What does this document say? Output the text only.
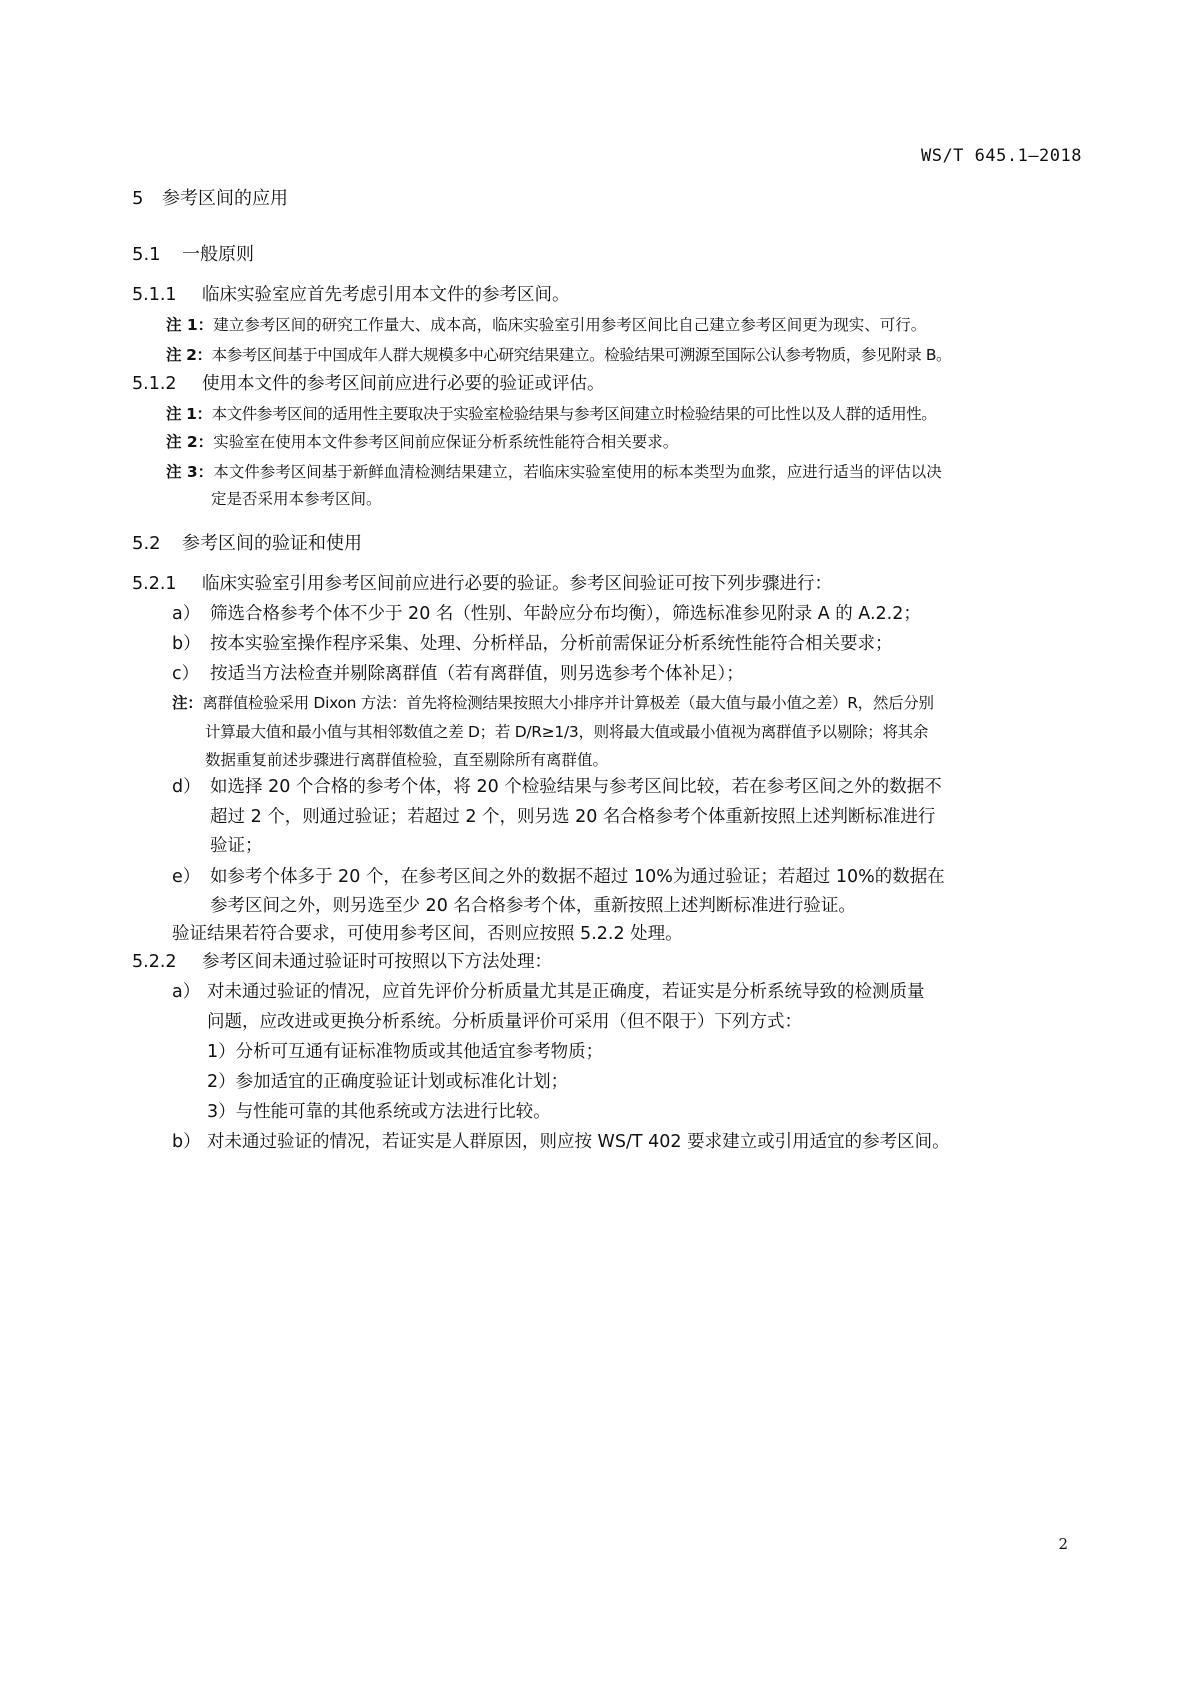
WS/T 645.1—2018
5 参考区间的应用
5.1 一般原则
5.1.1 临床实验室应首先考虑引用本文件的参考区间。
注 1：建立参考区间的研究工作量大、成本高，临床实验室引用参考区间比自己建立参考区间更为现实、可行。
注 2：本参考区间基于中国成年人群大规模多中心研究结果建立。检验结果可溯源至国际公认参考物质，参见附录 B。
5.1.2 使用本文件的参考区间前应进行必要的验证或评估。
注 1：本文件参考区间的适用性主要取决于实验室检验结果与参考区间建立时检验结果的可比性以及人群的适用性。
注 2：实验室在使用本文件参考区间前应保证分析系统性能符合相关要求。
注 3：本文件参考区间基于新鲜血清检测结果建立，若临床实验室使用的标本类型为血浆，应进行适当的评估以决
定是否采用本参考区间。
5.2 参考区间的验证和使用
5.2.1 临床实验室引用参考区间前应进行必要的验证。参考区间验证可按下列步骤进行：
a） 筛选合格参考个体不少于 20 名（性别、年龄应分布均衡），筛选标准参见附录 A 的 A.2.2；
b） 按本实验室操作程序采集、处理、分析样品，分析前需保证分析系统性能符合相关要求；
c） 按适当方法检查并剔除离群值（若有离群值，则另选参考个体补足）；
注：离群值检验采用 Dixon 方法：首先将检测结果按照大小排序并计算极差（最大值与最小值之差）R，然后分别
计算最大值和最小值与其相邻数值之差 D；若 D/R≥1/3，则将最大值或最小值视为离群值予以剔除；将其余
数据重复前述步骤进行离群值检验，直至剔除所有离群值。
d） 如选择 20 个合格的参考个体，将 20 个检验结果与参考区间比较，若在参考区间之外的数据不
超过 2 个，则通过验证；若超过 2 个，则另选 20 名合格参考个体重新按照上述判断标准进行
验证；
e） 如参考个体多于 20 个，在参考区间之外的数据不超过 10%为通过验证；若超过 10%的数据在
参考区间之外，则另选至少 20 名合格参考个体，重新按照上述判断标准进行验证。
验证结果若符合要求，可使用参考区间，否则应按照 5.2.2 处理。
5.2.2 参考区间未通过验证时可按照以下方法处理：
a） 对未通过验证的情况，应首先评价分析质量尤其是正确度，若证实是分析系统导致的检测质量
问题，应改进或更换分析系统。分析质量评价可采用（但不限于）下列方式：
1）分析可互通有证标准物质或其他适宜参考物质；
2）参加适宜的正确度验证计划或标准化计划；
3）与性能可靠的其他系统或方法进行比较。
b） 对未通过验证的情况，若证实是人群原因，则应按 WS/T 402 要求建立或引用适宜的参考区间。
2
